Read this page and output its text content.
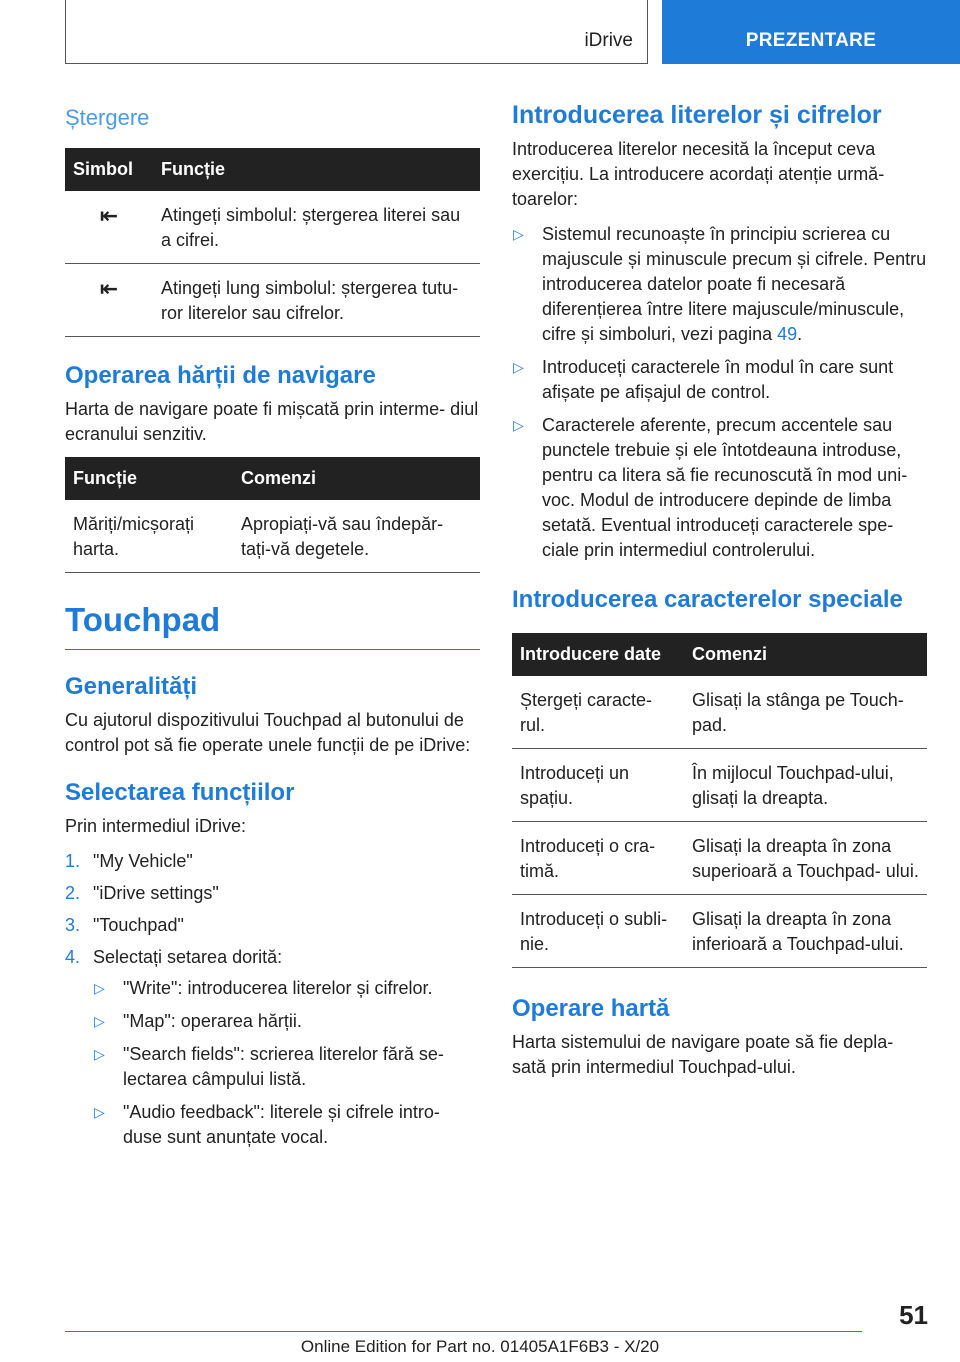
iDrive	PREZENTARE
Ștergere
Simbol	Funcție
⇤	Atingeți simbolul: ștergerea literei sau a cifrei.
⇤	Atingeți lung simbolul: ștergerea tutu- ror literelor sau cifrelor.
Operarea hărții de navigare

Harta de navigare poate fi mișcată prin interme- diul ecranului senzitiv.

Funcție	Comenzi
Măriți/micșorați harta.	Apropiați-vă sau îndepăr- tați-vă degetele.
Touchpad
Generalități

Cu ajutorul dispozitivului Touchpad al butonului de control pot să fie operate unele funcții de pe iDrive:

Selectarea funcțiilor

Prin intermediul iDrive:

1. "My Vehicle"
2. "iDrive settings"
3. "Touchpad"
4. Selectați setarea dorită:
▷ "Write": introducerea literelor și cifrelor.
▷ "Map": operarea hărții.
▷ "Search fields": scrierea literelor fără se- lectarea câmpului listă.
▷ "Audio feedback": literele și cifrele intro- duse sunt anunțate vocal.
Introducerea literelor și cifrelor

Introducerea literelor necesită la început ceva exercițiu. La introducere acordați atenție urmă- toarelor:

▷ Sistemul recunoaște în principiu scrierea cu majuscule și minuscule precum și cifrele. Pentru introducerea datelor poate fi necesară diferențierea între litere majuscule/minuscule, cifre și simboluri, vezi pagina 49.
▷ Introduceți caracterele în modul în care sunt afișate pe afișajul de control.
▷ Caracterele aferente, precum accentele sau punctele trebuie și ele întotdeauna introduse, pentru ca litera să fie recunoscută în mod uni- voc. Modul de introducere depinde de limba setată. Eventual introduceți caracterele spe- ciale prin intermediul controlerului.
Introducerea caracterelor speciale
Introducere date	Comenzi
Ștergeți caracte- rul.	Glisați la stânga pe Touch- pad.
Introduceți un spațiu.	În mijlocul Touchpad-ului, glisați la dreapta.
Introduceți o cra- timă.	Glisați la dreapta în zona superioară a Touchpad- ului.
Introduceți o subli- nie.	Glisați la dreapta în zona inferioară a Touchpad-ului.
Operare hartă

Harta sistemului de navigare poate să fie depla- sată prin intermediul Touchpad-ului.

51
Online Edition for Part no. 01405A1F6B3 - X/20
